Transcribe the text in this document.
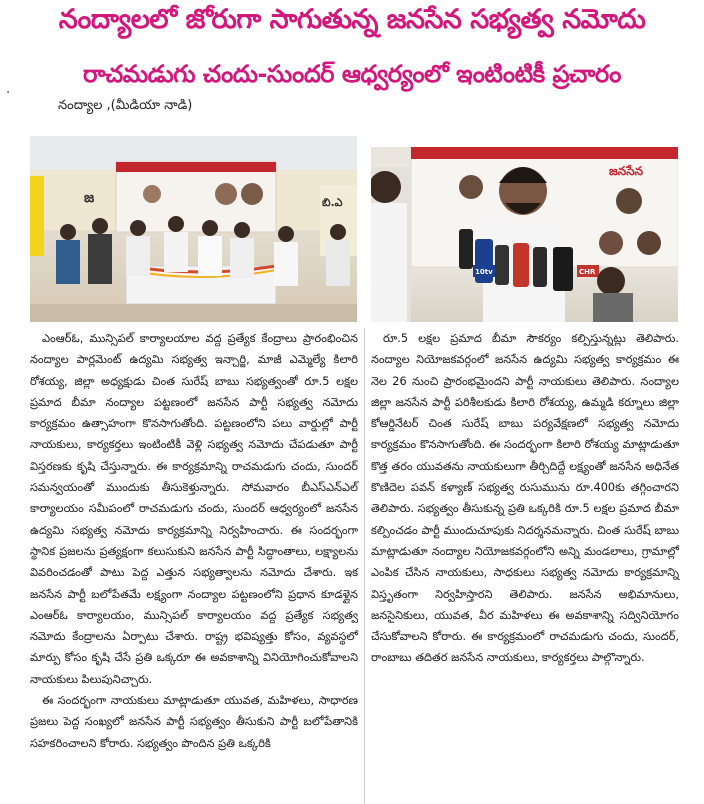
నంద్యాలలో జోరుగా సాగుతున్న జనసేన సభ్యత్వ నమోదు
రాచమడుగు చందు-సుందర్ ఆధ్వర్యంలో ఇంటింటికీ ప్రచారం
నంద్యాల ,(మీడియా నాడి)
·
జ	బి.ఎ
జనసేన
10tv	CHR

ఎంఆర్ఓ, మున్సిపల్ కార్యాలయాల వద్ద ప్రత్యేక కేంద్రాలు ప్రారంభించిన నంద్యాల పార్లమెంట్ ఉద్యమి సభ్యత్వ ఇన్చార్జి, మాజీ ఎమ్మెల్యే కిలారి రోశయ్య, జిల్లా అధ్యక్షుడు చింత సురేష్ బాబు సభ్యత్వంతో రూ.5 లక్షల ప్రమాద బీమా నంద్యాల పట్టణంలో జనసేన పార్టీ సభ్యత్వ నమోదు కార్యక్రమం ఉత్సాహంగా కొనసాగుతోంది. పట్టణంలోని పలు వార్డుల్లో పార్టీ నాయకులు, కార్యకర్తలు ఇంటింటికీ వెళ్లి సభ్యత్వ నమోదు చేపడుతూ పార్టీ విస్తరణకు కృషి చేస్తున్నారు. ఈ కార్యక్రమాన్ని రాచమడుగు చందు, సుందర్ సమన్వయంతో ముందుకు తీసుకెళ్తున్నారు. సోమవారం బీఎస్ఎన్ఎల్ కార్యాలయం సమీపంలో రాచమడుగు చందు, సుందర్ ఆధ్వర్యంలో జనసేన ఉద్యమి సభ్యత్వ నమోదు కార్యక్రమాన్ని నిర్వహించారు. ఈ సందర్భంగా స్థానిక ప్రజలను ప్రత్యక్షంగా కలుసుకుని జనసేన పార్టీ సిద్ధాంతాలు, లక్ష్యాలను వివరించడంతో పాటు పెద్ద ఎత్తున సభ్యత్వాలను నమోదు చేశారు. ఇక జనసేన పార్టీ బలోపేతమే లక్ష్యంగా నంద్యాల పట్టణంలోని ప్రధాన కూడళ్లైన ఎంఆర్ఓ కార్యాలయం, మున్సిపల్ కార్యాలయం వద్ద ప్రత్యేక సభ్యత్వ నమోదు కేంద్రాలను ఏర్పాటు చేశారు. రాష్ట్ర భవిష్యత్తు కోసం, వ్యవస్థలో మార్పు కోసం కృషి చేసే ప్రతి ఒక్కరూ ఈ అవకాశాన్ని వినియోగించుకోవాలని నాయకులు పిలుపునిచ్చారు.

ఈ సందర్భంగా నాయకులు మాట్లాడుతూ యువత, మహిళలు, సాధారణ ప్రజలు పెద్ద సంఖ్యలో జనసేన పార్టీ సభ్యత్వం తీసుకుని పార్టీ బలోపేతానికి సహకరించాలని కోరారు. సభ్యత్వం పొందిన ప్రతి ఒక్కరికి

రూ.5 లక్షల ప్రమాద బీమా సౌకర్యం కల్పిస్తున్నట్లు తెలిపారు. నంద్యాల నియోజకవర్గంలో జనసేన ఉద్యమి సభ్యత్వ కార్యక్రమం ఈ నెల 26 నుంచి ప్రారంభమైందని పార్టీ నాయకులు తెలిపారు. నంద్యాల జిల్లా జనసేన పార్టీ పరిశీలకుడు కిలారి రోశయ్య, ఉమ్మడి కర్నూలు జిల్లా కోఆర్డినేటర్ చింత సురేష్ బాబు పర్యవేక్షణలో సభ్యత్వ నమోదు కార్యక్రమం కొనసాగుతోంది. ఈ సందర్భంగా కిలారి రోశయ్య మాట్లాడుతూ కొత్త తరం యువతను నాయకులుగా తీర్చిదిద్దే లక్ష్యంతో జనసేన అధినేత కొణిదెల పవన్ కళ్యాణ్ సభ్యత్వ రుసుమును రూ.400కు తగ్గించారని తెలిపారు. సభ్యత్వం తీసుకున్న ప్రతి ఒక్కరికి రూ.5 లక్షల ప్రమాద బీమా కల్పించడం పార్టీ ముందుచూపుకు నిదర్శనమన్నారు. చింత సురేష్ బాబు మాట్లాడుతూ నంద్యాల నియోజకవర్గంలోని అన్ని మండలాలు, గ్రామాల్లో ఎంపిక చేసిన నాయకులు, సాధకులు సభ్యత్వ నమోదు కార్యక్రమాన్ని విస్తృతంగా నిర్వహిస్తారని తెలిపారు. జనసేన అభిమానులు, జనసైనికులు, యువత, వీర మహిళలు ఈ అవకాశాన్ని సద్వినియోగం చేసుకోవాలని కోరారు. ఈ కార్యక్రమంలో రాచమడుగు చందు, సుందర్, రాంబాబు తదితర జనసేన నాయకులు, కార్యకర్తలు పాల్గొన్నారు.
